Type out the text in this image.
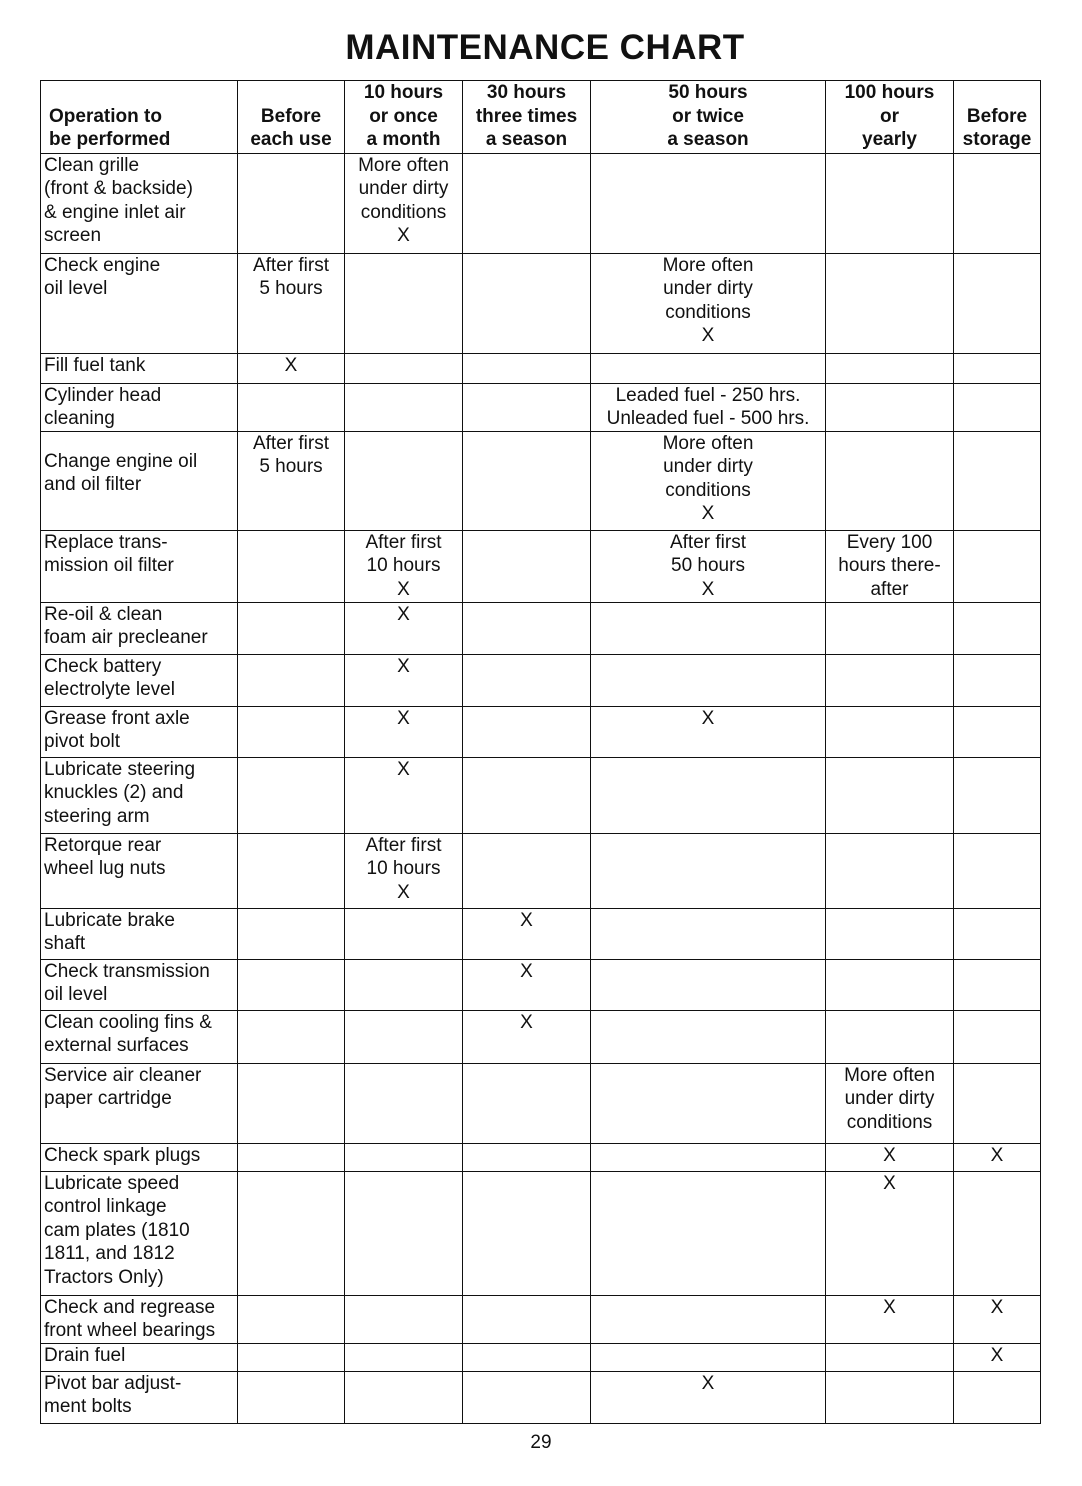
MAINTENANCE CHART
Operation to
be performed	Before
each use	10 hours
or once
a month	30 hours
three times
a season	50 hours
or twice
a season	100 hours
or
yearly	Before
storage

Clean grille
(front & backside)
& engine inlet air
screen		More often
under dirty
conditions
X				

Check engine
oil level	After first
5 hours			More often
under dirty
conditions
X		

Fill fuel tank	X					

Cylinder head
cleaning				Leaded fuel - 250 hrs.
Unleaded fuel - 500 hrs.		

Change engine oil
and oil filter	After first
5 hours			More often
under dirty
conditions
X		

Replace trans-
mission oil filter		After first
10 hours
X		After first
50 hours
X	Every 100
hours there-
after	

Re-oil & clean
foam air precleaner		X				

Check battery
electrolyte level		X				

Grease front axle
pivot bolt		X		X		

Lubricate steering
knuckles (2) and
steering arm		X				

Retorque rear
wheel lug nuts		After first
10 hours
X				

Lubricate brake
shaft			X			

Check transmission
oil level			X			

Clean cooling fins &
external surfaces			X			

Service air cleaner
paper cartridge					More often
under dirty
conditions	

Check spark plugs					X	X

Lubricate speed
control linkage
cam plates (1810
1811, and 1812
Tractors Only)					X	

Check and regrease
front wheel bearings					X	X

Drain fuel						X

Pivot bar adjust-
ment bolts				X		

29
